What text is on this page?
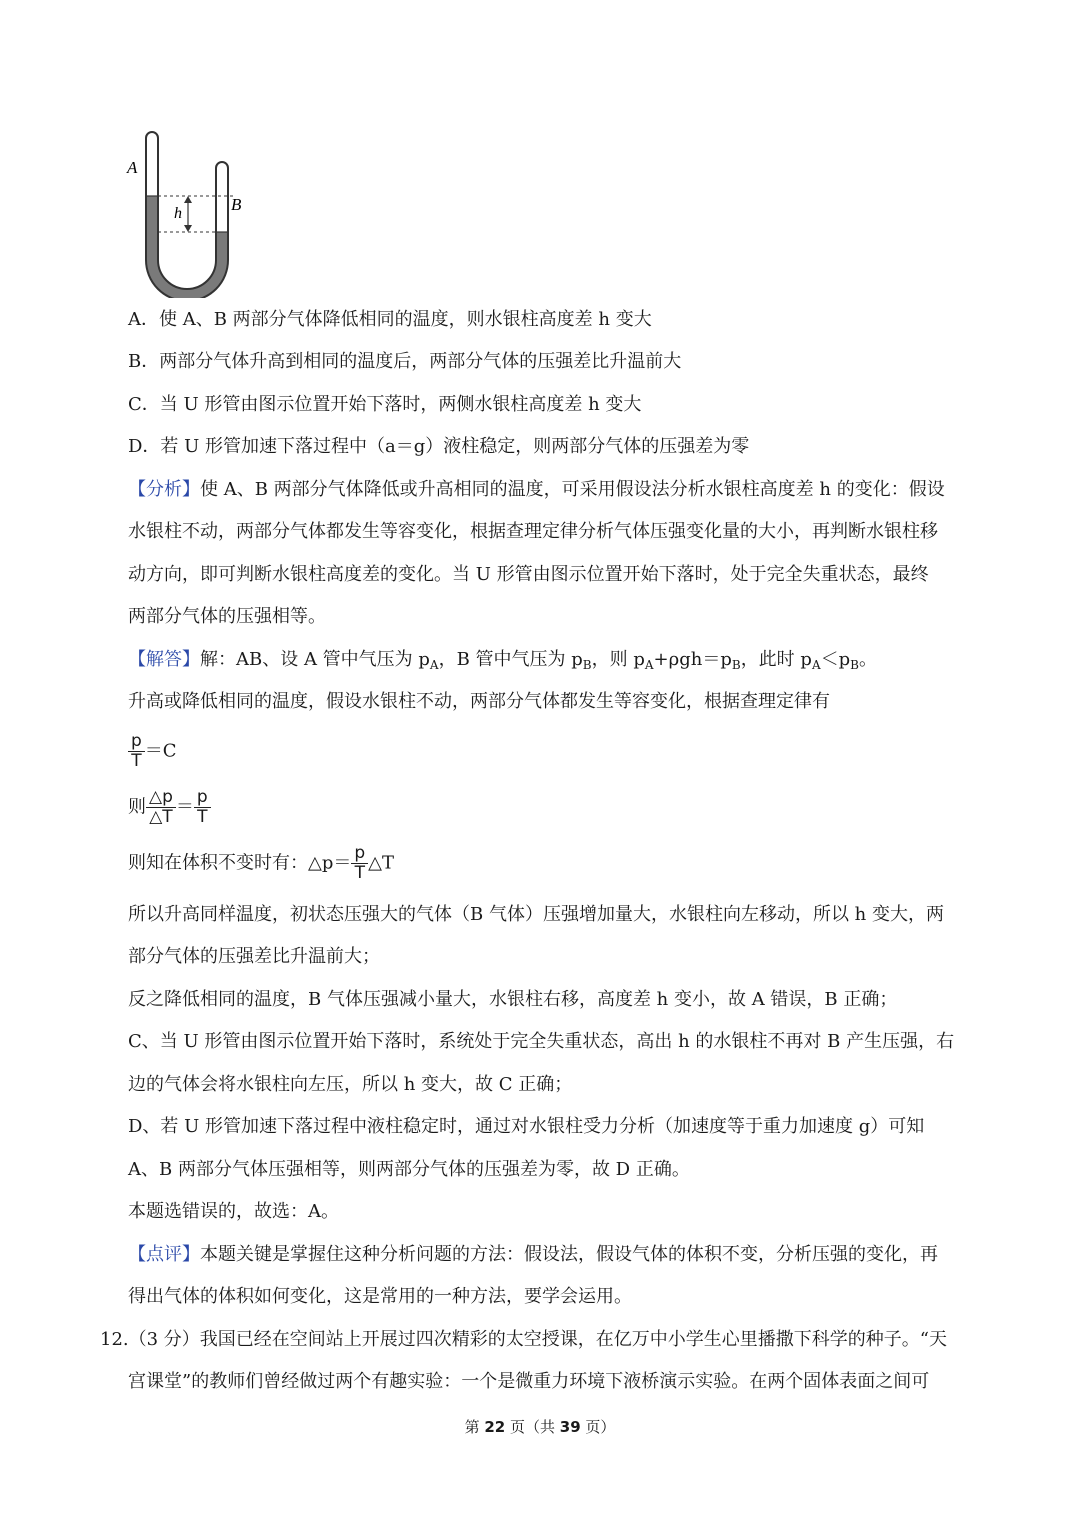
h
A
B
A．使 A、B 两部分气体降低相同的温度，则水银柱高度差 h 变大
B．两部分气体升高到相同的温度后，两部分气体的压强差比升温前大
C．当 U 形管由图示位置开始下落时，两侧水银柱高度差 h 变大
D．若 U 形管加速下落过程中（a＝g）液柱稳定，则两部分气体的压强差为零
【分析】使 A、B 两部分气体降低或升高相同的温度，可采用假设法分析水银柱高度差 h 的变化：假设
水银柱不动，两部分气体都发生等容变化，根据查理定律分析气体压强变化量的大小，再判断水银柱移
动方向，即可判断水银柱高度差的变化。当 U 形管由图示位置开始下落时，处于完全失重状态，最终
两部分气体的压强相等。
【解答】解：AB、设 A 管中气压为 $p_A$，B 管中气压为 $p_B$，则 $p_A+\rho gh=p_B$，此时 $p_A<p_B$。
升高或降低相同的温度，假设水银柱不动，两部分气体都发生等容变化，根据查理定律有
$\frac{p}{T} =C$
则 $\frac{\triangle p}{\triangle T} = \frac{p}{T}$
则知在体积不变时有：△p＝ $\frac{p}{T}$ △T
所以升高同样温度，初状态压强大的气体（B 气体）压强增加量大，水银柱向左移动，所以 h 变大，两
部分气体的压强差比升温前大；
反之降低相同的温度，B 气体压强减小量大，水银柱右移，高度差 h 变小，故 A 错误，B 正确；
C、当 U 形管由图示位置开始下落时，系统处于完全失重状态，高出 h 的水银柱不再对 B 产生压强，右
边的气体会将水银柱向左压，所以 h 变大，故 C 正确；
D、若 U 形管加速下落过程中液柱稳定时，通过对水银柱受力分析（加速度等于重力加速度 g）可知
A、B 两部分气体压强相等，则两部分气体的压强差为零，故 D 正确。
本题选错误的，故选：A。
【点评】本题关键是掌握住这种分析问题的方法：假设法，假设气体的体积不变，分析压强的变化，再
得出气体的体积如何变化，这是常用的一种方法，要学会运用。
12.（3 分）我国已经在空间站上开展过四次精彩的太空授课，在亿万中小学生心里播撒下科学的种子。“天
宫课堂”的教师们曾经做过两个有趣实验：一个是微重力环境下液桥演示实验。在两个固体表面之间可
第 22 页（共 39 页）
